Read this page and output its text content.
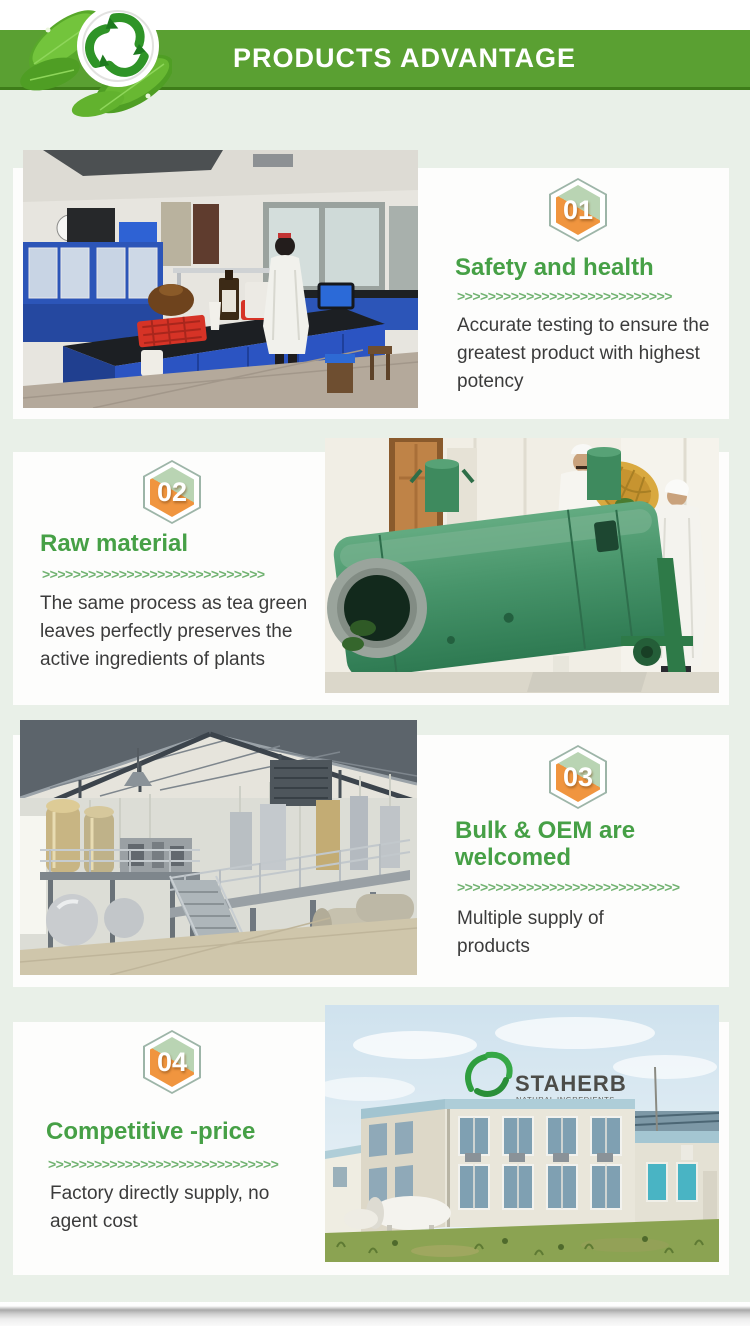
PRODUCTS ADVANTAGE
01
Safety and health
>>>>>>>>>>>>>>>>>>>>>>>>>>>>

Accurate testing to ensure the greatest product with highest potency

02
Raw material
>>>>>>>>>>>>>>>>>>>>>>>>>>>>>

The same process as tea green leaves perfectly preserves the active ingredients of plants

03
Bulk & OEM are welcomed
>>>>>>>>>>>>>>>>>>>>>>>>>>>>>

Multiple supply of products

STAHERB
04
Competitive -price
>>>>>>>>>>>>>>>>>>>>>>>>>>>>>>

Factory directly supply, no agent cost
